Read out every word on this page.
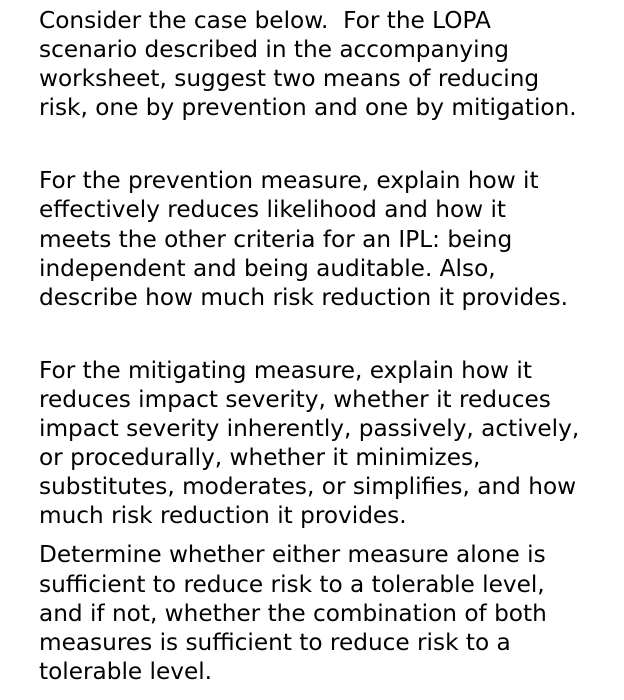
Consider the case below.  For the LOPA
scenario described in the accompanying
worksheet, suggest two means of reducing
risk, one by prevention and one by mitigation.
For the prevention measure, explain how it
effectively reduces likelihood and how it
meets the other criteria for an IPL: being
independent and being auditable. Also,
describe how much risk reduction it provides.
For the mitigating measure, explain how it
reduces impact severity, whether it reduces
impact severity inherently, passively, actively,
or procedurally, whether it minimizes,
substitutes, moderates, or simplifies, and how
much risk reduction it provides.
Determine whether either measure alone is
sufficient to reduce risk to a tolerable level,
and if not, whether the combination of both
measures is sufficient to reduce risk to a
tolerable level.
